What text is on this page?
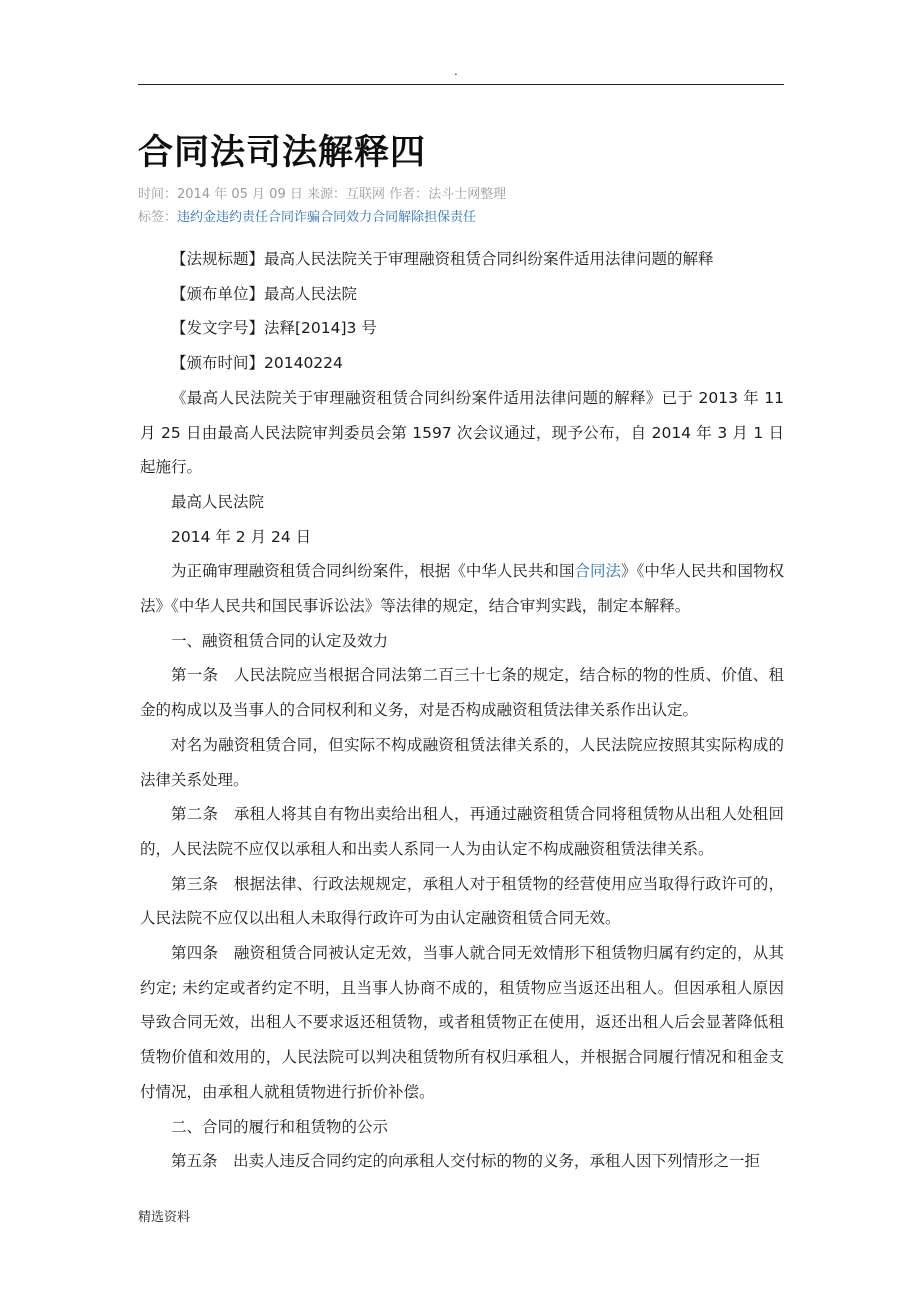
.
合同法司法解释四
时间：2014 年 05 月 09 日 来源：互联网 作者：法斗士网整理
标签：违约金违约责任合同诈骗合同效力合同解除担保责任

【法规标题】最高人民法院关于审理融资租赁合同纠纷案件适用法律问题的解释

【颁布单位】最高人民法院

【发文字号】法释[2014]3 号

【颁布时间】20140224

《最高人民法院关于审理融资租赁合同纠纷案件适用法律问题的解释》已于 2013 年 11 月 25 日由最高人民法院审判委员会第 1597 次会议通过，现予公布，自 2014 年 3 月 1 日起施行。

最高人民法院

2014 年 2 月 24 日

为正确审理融资租赁合同纠纷案件，根据《中华人民共和国合同法》《中华人民共和国物权法》《中华人民共和国民事诉讼法》等法律的规定，结合审判实践，制定本解释。

一、融资租赁合同的认定及效力

第一条　人民法院应当根据合同法第二百三十七条的规定，结合标的物的性质、价值、租金的构成以及当事人的合同权利和义务，对是否构成融资租赁法律关系作出认定。

对名为融资租赁合同，但实际不构成融资租赁法律关系的，人民法院应按照其实际构成的法律关系处理。

第二条　承租人将其自有物出卖给出租人，再通过融资租赁合同将租赁物从出租人处租回的，人民法院不应仅以承租人和出卖人系同一人为由认定不构成融资租赁法律关系。

第三条　根据法律、行政法规规定，承租人对于租赁物的经营使用应当取得行政许可的，人民法院不应仅以出租人未取得行政许可为由认定融资租赁合同无效。

第四条　融资租赁合同被认定无效，当事人就合同无效情形下租赁物归属有约定的，从其约定; 未约定或者约定不明，且当事人协商不成的，租赁物应当返还出租人。但因承租人原因导致合同无效，出租人不要求返还租赁物，或者租赁物正在使用，返还出租人后会显著降低租赁物价值和效用的，人民法院可以判决租赁物所有权归承租人，并根据合同履行情况和租金支付情况，由承租人就租赁物进行折价补偿。

二、合同的履行和租赁物的公示

第五条　出卖人违反合同约定的向承租人交付标的物的义务，承租人因下列情形之一拒

精选资料
